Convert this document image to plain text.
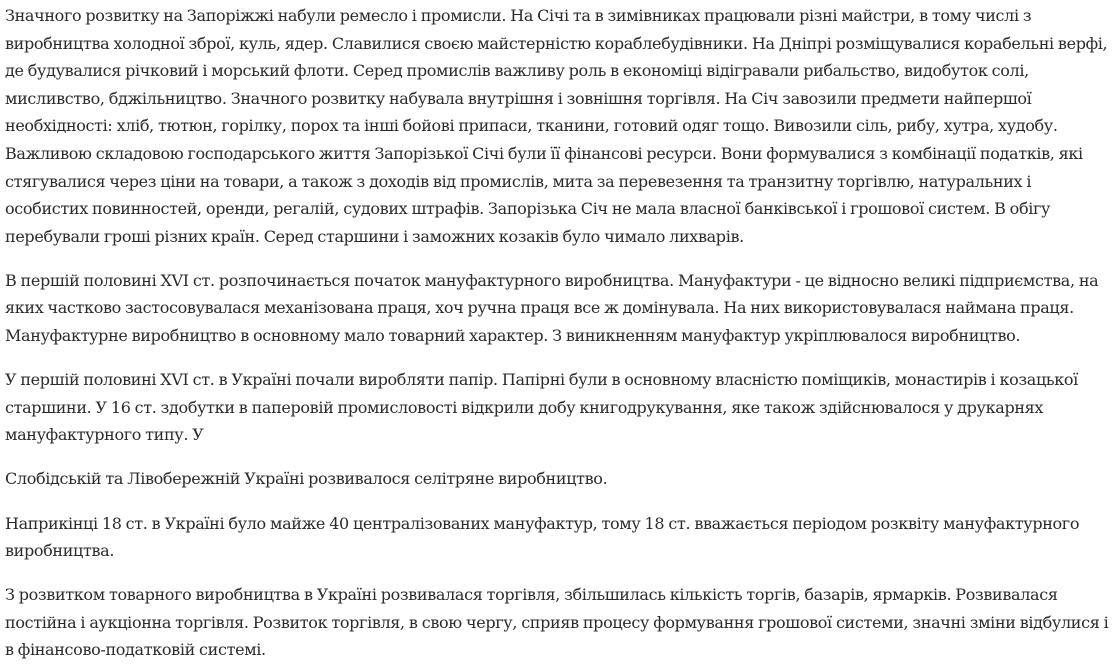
Значного розвитку на Запоріжжі набули ремесло і промисли. На Січі та в зимівниках працювали різні майстри, в тому числі з виробництва холодної зброї, куль, ядер. Славилися своєю майстерністю кораблебудівники. На Дніпрі розміщувалися корабельні верфі, де будувалися річковий і морський флоти. Серед промислів важливу роль в економіці відігравали рибальство, видобуток солі, мисливство, бджільництво. Значного розвитку набувала внутрішня і зовнішня торгівля. На Січ завозили предмети найпершої необхідності: хліб, тютюн, горілку, порох та інші бойові припаси, тканини, готовий одяг тощо. Вивозили сіль, рибу, хутра, худобу. Важливою складовою господарського життя Запорізької Січі були її фінансові ресурси. Вони формувалися з комбінації податків, які стягувалися через ціни на товари, а також з доходів від промислів, мита за перевезення та транзитну торгівлю, натуральних і особистих повинностей, оренди, регалій, судових штрафів. Запорізька Січ не мала власної банківської і грошової систем. В обігу перебували гроші різних країн. Серед старшини і заможних козаків було чимало лихварів.

В першій половині XVI ст. розпочинається початок мануфактурного виробництва. Мануфактури - це відносно великі підприємства, на яких частково застосовувалася механізована праця, хоч ручна праця все ж домінувала. На них використовувалася наймана праця. Мануфактурне виробництво в основному мало товарний характер. З виникненням мануфактур укріплювалося виробництво.

У першій половині XVI ст. в Україні почали виробляти папір. Папірні були в основному власністю поміщиків, монастирів і козацької старшини. У 16 ст. здобутки в паперовій промисловості відкрили добу книгодрукування, яке також здійснювалося у друкарнях мануфактурного типу. У

Слобідській та Лівобережній Україні розвивалося селітряне виробництво.

Наприкінці 18 ст. в Україні було майже 40 централізованих мануфактур, тому 18 ст. вважається періодом розквіту мануфактурного виробництва.

З розвитком товарного виробництва в Україні розвивалася торгівля, збільшилась кількість торгів, базарів, ярмарків. Розвивалася постійна і аукціонна торгівля. Розвиток торгівля, в свою чергу, сприяв процесу формування грошової системи, значні зміни відбулися і в фінансово-податковій системі.
